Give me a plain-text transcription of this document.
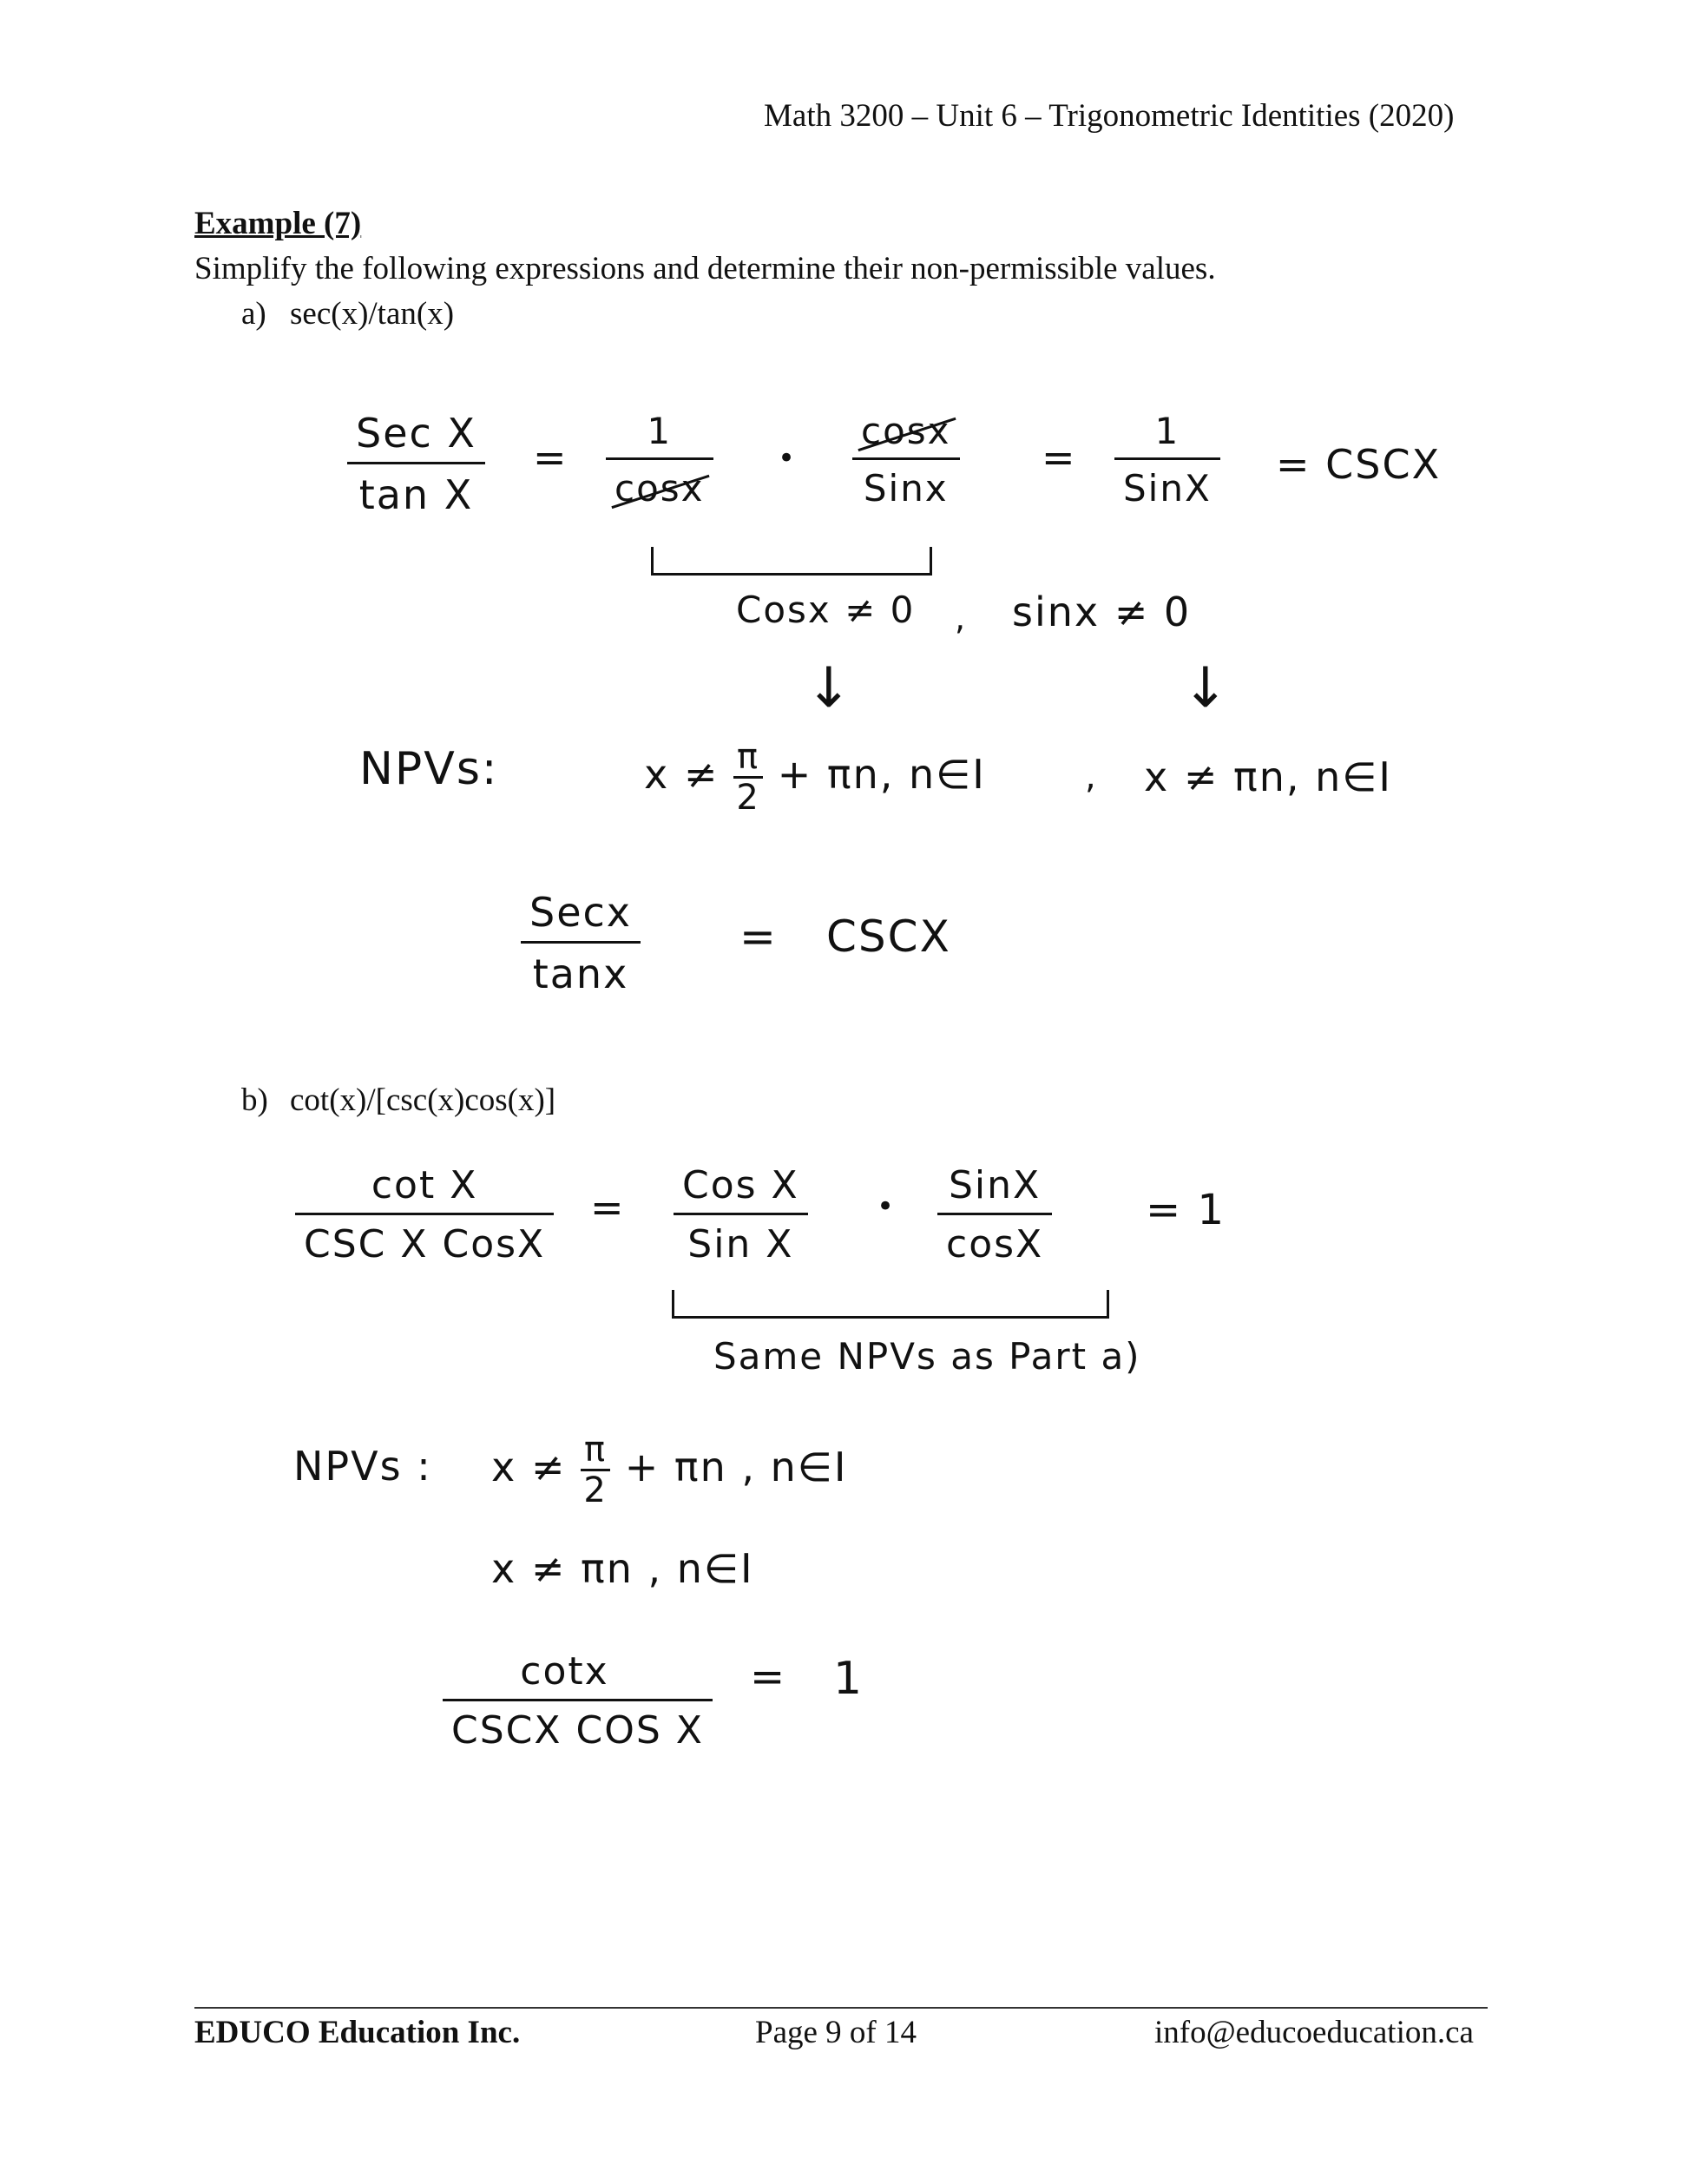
Math 3200 – Unit 6 – Trigonometric Identities (2020)
Example (7)
Simplify the following expressions and determine their non-permissible values.
a) sec(x)/tan(x)
$\frac{\text{Sec X}}{\text{tan X}} = \frac{1}{\cos x}$ • $\frac{\cos x}{\text{Sinx}} = \frac{1}{\text{SinX}}$ = CSCX
Cosx ≠ 0 , sinx ≠ 0
↓	↓
NPVs:	$x \ne \frac{\pi}{2} + \pi n$, n∈I	, x ≠ πn, n∈I
$\frac{\text{Secx}}{\tan x}$ = CSCX
b) cot(x)/[csc(x)cos(x)]
$\frac{\text{cot X}}{\text{CSC X CosX}} = \frac{\text{Cos X}}{\text{Sin X}}$ • $\frac{\text{SinX}}{\cos X} = 1$
Same NPVs as Part a)
NPVs : $x \ne \frac{\pi}{2} + \pi n$ , n∈I
x ≠ πn , n∈I
$\frac{\cot x}{\text{CSCX COS X}} = 1$
EDUCO Education Inc.	Page 9 of 14	info@educoeducation.ca
